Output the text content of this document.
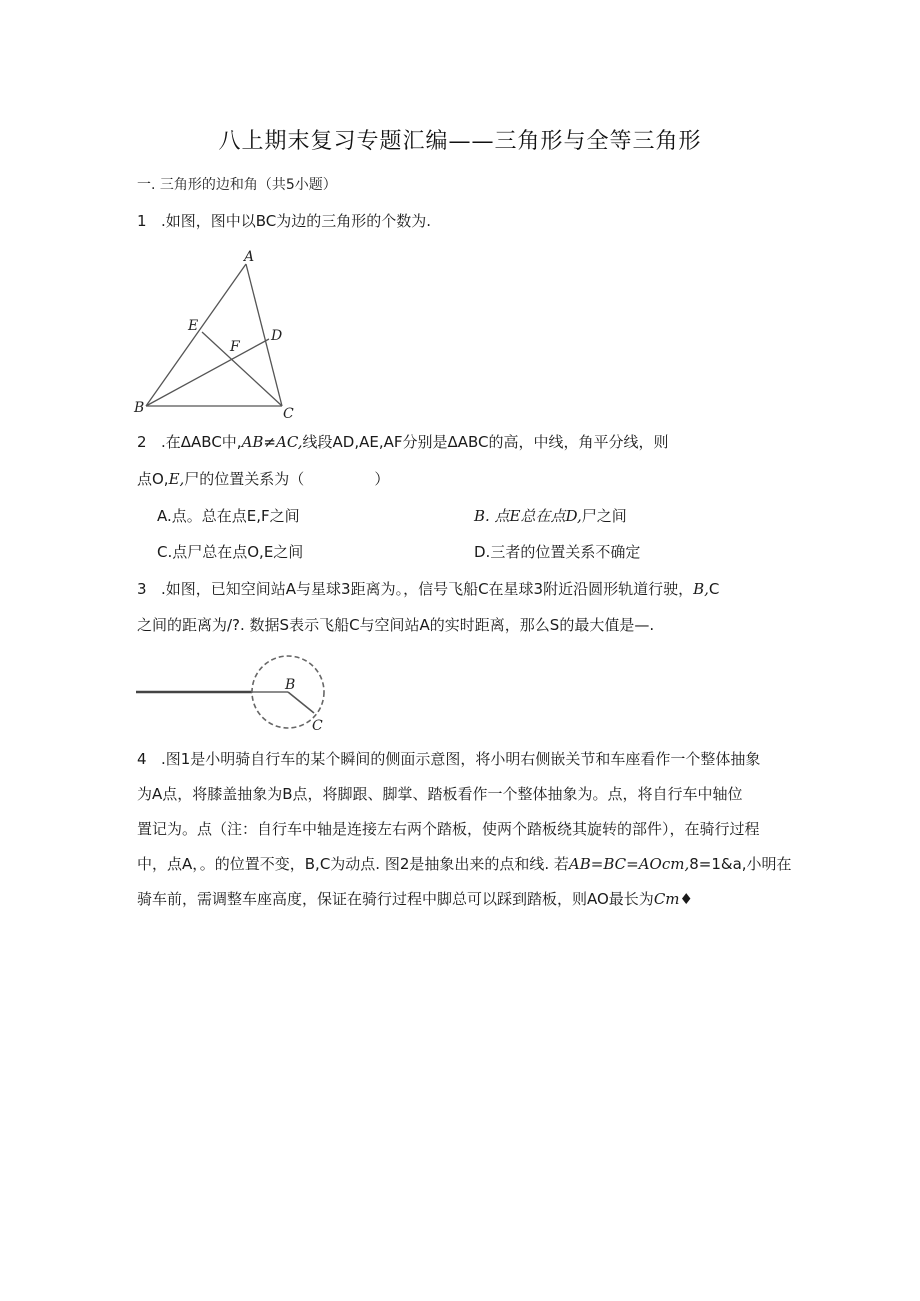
八上期末复习专题汇编——三角形与全等三角形
一. 三角形的边和角（共5小题）
1 .如图，图中以BC为边的三角形的个数为.
A
B	C
D
E
F
2 .在ΔABC中,AB≠AC,线段AD,AE,AF分别是ΔABC的高，中线，角平分线，则
点O,E,尸的位置关系为（	）
A.点。总在点E,F之间	B. 点E总在点D,尸之间
C.点尸总在点O,E之间	D.三者的位置关系不确定
3 .如图，已知空间站A与星球3距离为。，信号飞船C在星球3附近沿圆形轨道行驶，B,C
之间的距离为/?. 数据S表示飞船C与空间站A的实时距离，那么S的最大值是—.
B
C
4 .图1是小明骑自行车的某个瞬间的侧面示意图，将小明右侧嵌关节和车座看作一个整体抽象
为A点，将膝盖抽象为B点，将脚跟、脚掌、踏板看作一个整体抽象为。点，将自行车中轴位
置记为。点（注：自行车中轴是连接左右两个踏板，使两个踏板绕其旋转的部件），在骑行过程
中，点A，。的位置不变，B,C为动点. 图2是抽象出来的点和线. 若AB=BC=AOcm,8=1&a,小明在
骑车前，需调整车座高度，保证在骑行过程中脚总可以踩到踏板，则AO最长为Cm♦
